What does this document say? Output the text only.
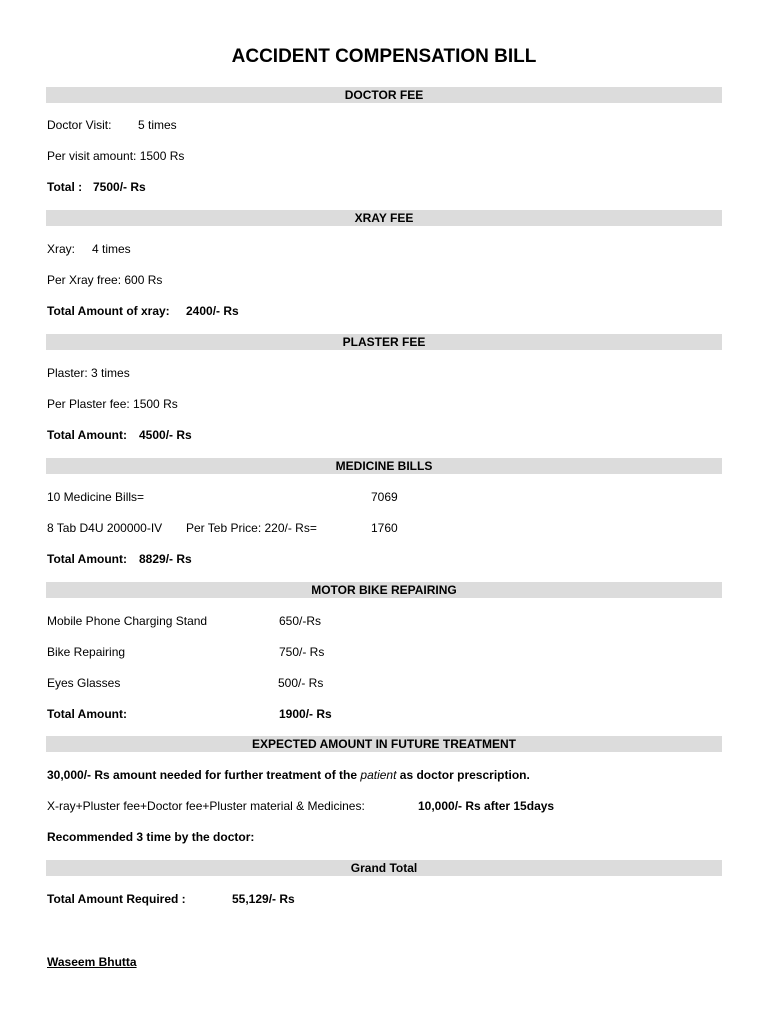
ACCIDENT COMPENSATION BILL
DOCTOR FEE
Doctor Visit: 5 times
Per visit amount: 1500 Rs
Total : 7500/- Rs
XRAY FEE
Xray: 4 times
Per Xray free: 600 Rs
Total Amount of xray: 2400/- Rs
PLASTER FEE
Plaster: 3 times
Per Plaster fee: 1500 Rs
Total Amount: 4500/- Rs
MEDICINE BILLS
10 Medicine Bills=	7069
8 Tab D4U 200000-IV Per Teb Price: 220/- Rs=	1760
Total Amount: 8829/- Rs
MOTOR BIKE REPAIRING
Mobile Phone Charging Stand	650/-Rs
Bike Repairing	750/- Rs
Eyes Glasses	500/- Rs
Total Amount:	1900/- Rs
EXPECTED AMOUNT IN FUTURE TREATMENT
30,000/- Rs amount needed for further treatment of the patient as doctor prescription.
X-ray+Pluster fee+Doctor fee+Pluster material & Medicines:	10,000/- Rs after 15days
Recommended 3 time by the doctor:
Grand Total
Total Amount Required :	55,129/- Rs
Waseem Bhutta
